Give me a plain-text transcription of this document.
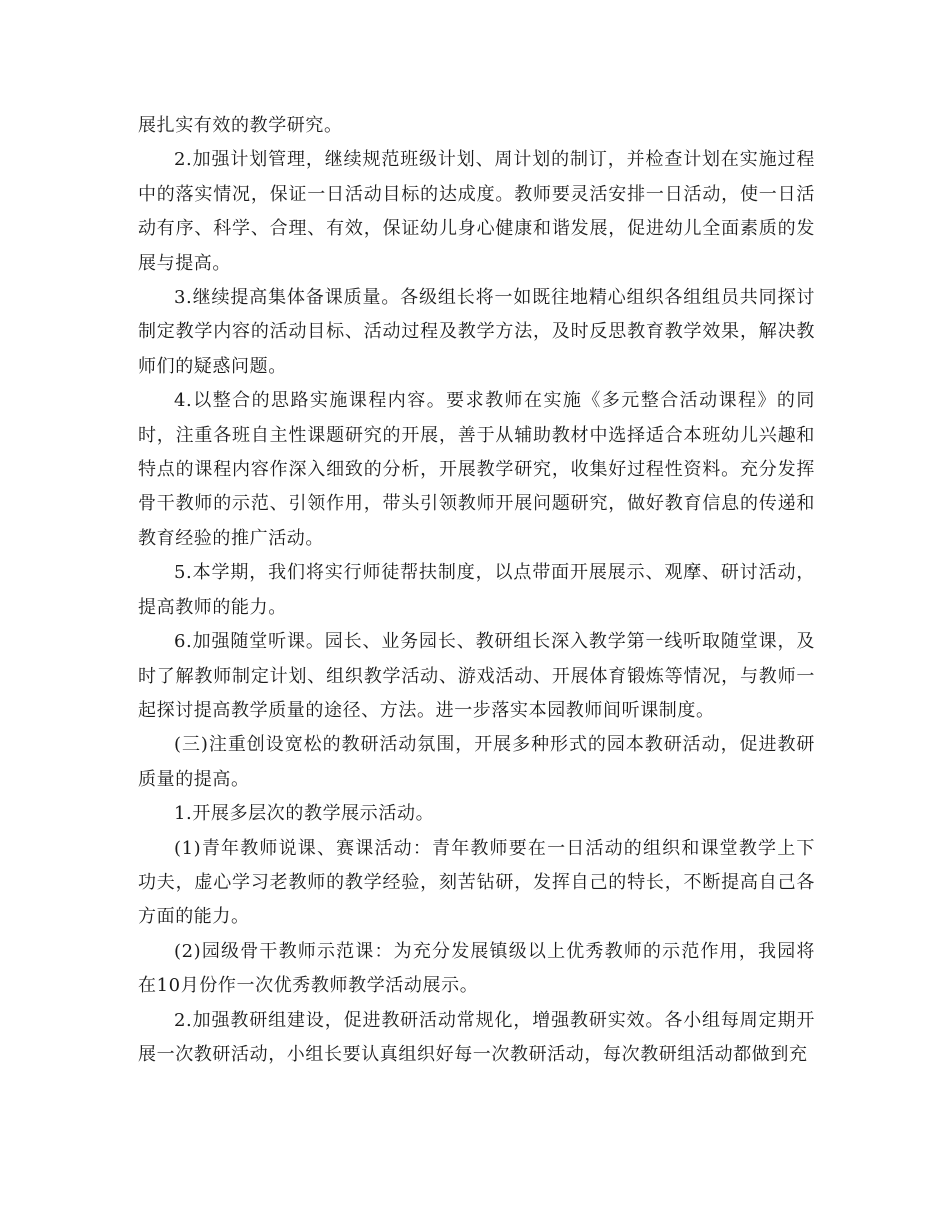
展扎实有效的教学研究。

2.加强计划管理，继续规范班级计划、周计划的制订，并检查计划在实施过程中的落实情况，保证一日活动目标的达成度。教师要灵活安排一日活动，使一日活动有序、科学、合理、有效，保证幼儿身心健康和谐发展，促进幼儿全面素质的发展与提高。

3.继续提高集体备课质量。各级组长将一如既往地精心组织各组组员共同探讨制定教学内容的活动目标、活动过程及教学方法，及时反思教育教学效果，解决教师们的疑惑问题。

4.以整合的思路实施课程内容。要求教师在实施《多元整合活动课程》的同时，注重各班自主性课题研究的开展，善于从辅助教材中选择适合本班幼儿兴趣和特点的课程内容作深入细致的分析，开展教学研究，收集好过程性资料。充分发挥骨干教师的示范、引领作用，带头引领教师开展问题研究，做好教育信息的传递和教育经验的推广活动。

5.本学期，我们将实行师徒帮扶制度，以点带面开展展示、观摩、研讨活动，提高教师的能力。

6.加强随堂听课。园长、业务园长、教研组长深入教学第一线听取随堂课，及时了解教师制定计划、组织教学活动、游戏活动、开展体育锻炼等情况，与教师一起探讨提高教学质量的途径、方法。进一步落实本园教师间听课制度。

(三)注重创设宽松的教研活动氛围，开展多种形式的园本教研活动，促进教研质量的提高。

1.开展多层次的教学展示活动。

(1)青年教师说课、赛课活动：青年教师要在一日活动的组织和课堂教学上下功夫，虚心学习老教师的教学经验，刻苦钻研，发挥自己的特长，不断提高自己各方面的能力。

(2)园级骨干教师示范课：为充分发展镇级以上优秀教师的示范作用，我园将在10月份作一次优秀教师教学活动展示。

2.加强教研组建设，促进教研活动常规化，增强教研实效。各小组每周定期开展一次教研活动，小组长要认真组织好每一次教研活动，每次教研组活动都做到充
